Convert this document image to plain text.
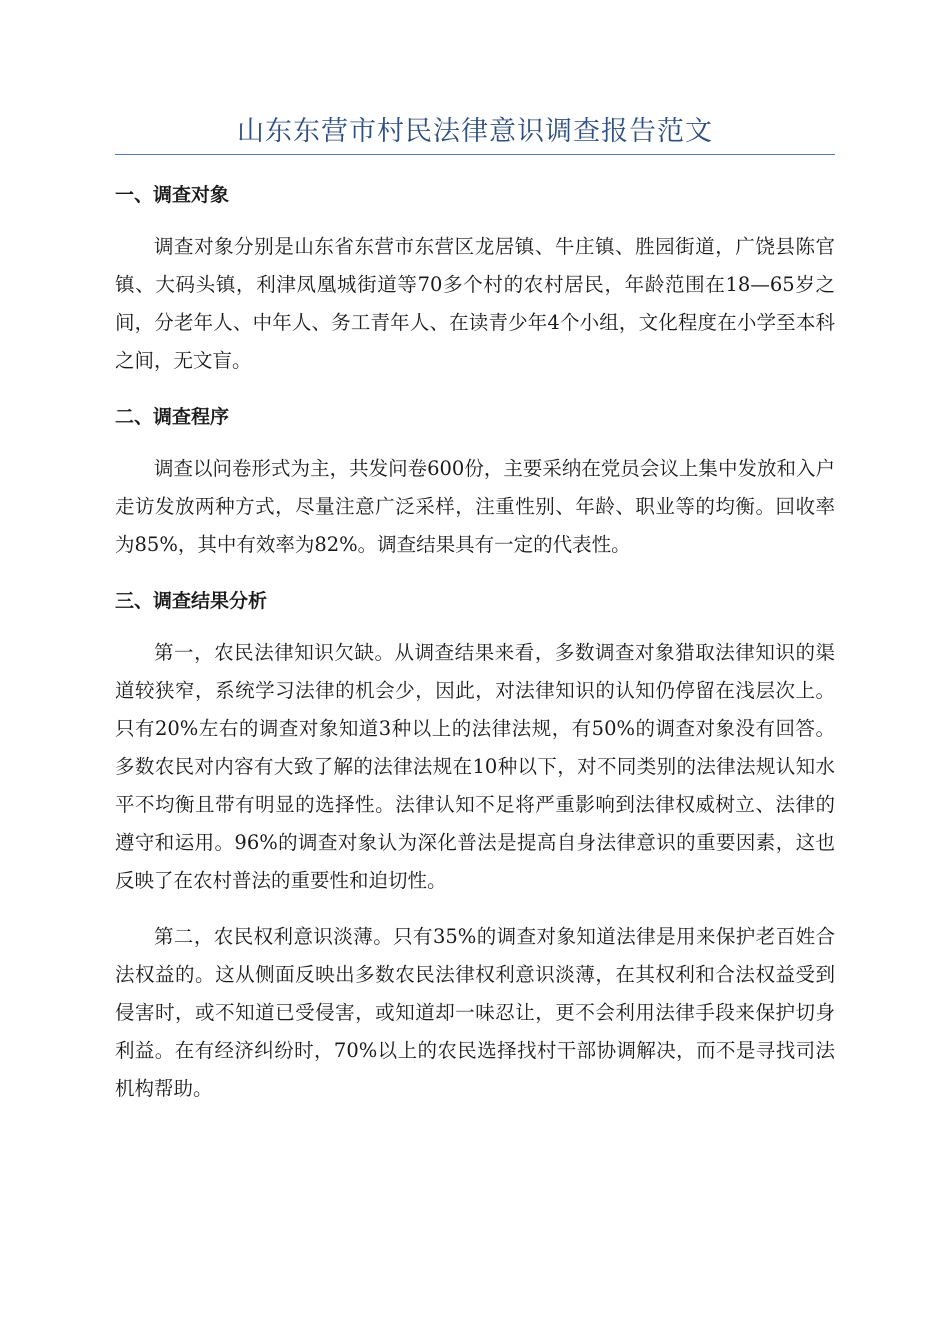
山东东营市村民法律意识调查报告范文
一、调查对象

调查对象分别是山东省东营市东营区龙居镇、牛庄镇、胜园街道，广饶县陈官镇、大码头镇，利津凤凰城街道等70多个村的农村居民，年龄范围在18—65岁之间，分老年人、中年人、务工青年人、在读青少年4个小组，文化程度在小学至本科之间，无文盲。

二、调查程序

调查以问卷形式为主，共发问卷600份，主要采纳在党员会议上集中发放和入户走访发放两种方式，尽量注意广泛采样，注重性别、年龄、职业等的均衡。回收率为85%，其中有效率为82%。调查结果具有一定的代表性。

三、调查结果分析

第一，农民法律知识欠缺。从调查结果来看，多数调查对象猎取法律知识的渠道较狭窄，系统学习法律的机会少，因此，对法律知识的认知仍停留在浅层次上。只有20%左右的调查对象知道3种以上的法律法规，有50%的调查对象没有回答。多数农民对内容有大致了解的法律法规在10种以下，对不同类别的法律法规认知水平不均衡且带有明显的选择性。法律认知不足将严重影响到法律权威树立、法律的遵守和运用。96%的调查对象认为深化普法是提高自身法律意识的重要因素，这也反映了在农村普法的重要性和迫切性。

第二，农民权利意识淡薄。只有35%的调查对象知道法律是用来保护老百姓合法权益的。这从侧面反映出多数农民法律权利意识淡薄，在其权利和合法权益受到侵害时，或不知道已受侵害，或知道却一味忍让，更不会利用法律手段来保护切身利益。在有经济纠纷时，70%以上的农民选择找村干部协调解决，而不是寻找司法机构帮助。
